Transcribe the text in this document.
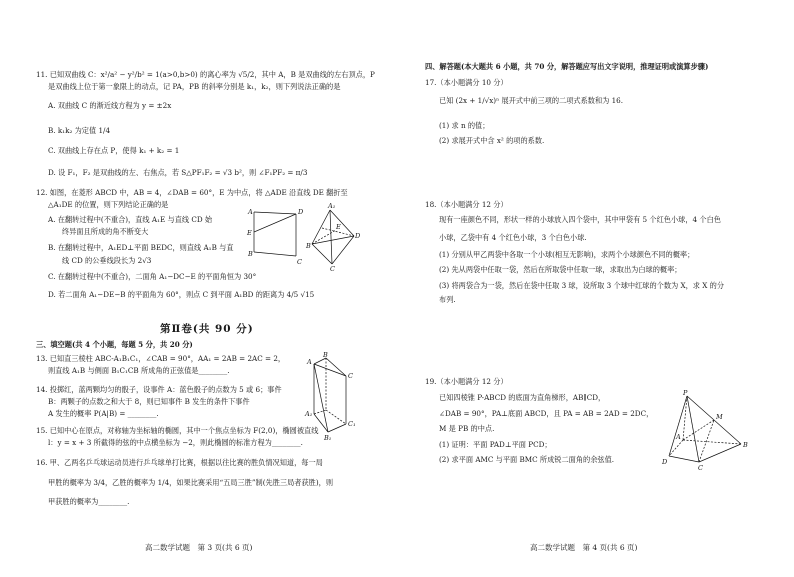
11. 已知双曲线 C：x²/a² − y²/b² = 1(a>0,b>0) 的离心率为 √5/2，其中 A，B 是双曲线的左右顶点，P
是双曲线上位于第一象限上的动点，记 PA，PB 的斜率分别是 k₁，k₂，则下列说法正确的是
A. 双曲线 C 的渐近线方程为 y = ±2x
B. k₁k₂ 为定值 1/4
C. 双曲线上存在点 P，使得 k₁ + k₂ = 1
D. 设 F₁，F₂ 是双曲线的左、右焦点，若 S△PF₁F₂ = √3 b²，则 ∠F₁PF₂ = π/3
12. 如图，在菱形 ABCD 中，AB = 4，∠DAB = 60°，E 为中点，将 △ADE 沿直线 DE 翻折至
△A₁DE 的位置，则下列结论正确的是
A. 在翻转过程中(不重合)，直线 A₁E 与直线 CD 始
终异面且所成的角不断变大
B. 在翻转过程中，A₁ED⊥平面 BEDC，则直线 A₁B 与直
线 CD 的公垂线段长为 2√3
C. 在翻转过程中(不重合)，二面角 A₁−DC−E 的平面角恒为 30°
D. 若二面角 A₁−DE−B 的平面角为 60°，则点 C 到平面 A₁BD 的距离为 4/5 √15
A	D
E
B
C
A₁
B
D
C
E
第Ⅱ卷(共 90 分)
三、填空题(共 4 个小题，每题 5 分，共 20 分)
13. 已知直三棱柱 ABC-A₁B₁C₁，∠CAB = 90°，AA₁ = 2AB = 2AC = 2，
则直线 A₁B 与侧面 B₁C₁CB 所成角的正弦值是________.
A
B
C
A₁
C₁
B₁
14. 投掷红，蓝两颗均匀的骰子，设事件 A：蓝色骰子的点数为 5 或 6；事件
B：两颗子的点数之和大于 8，则已知事件 B 发生的条件下事件
A 发生的概率 P(A|B) = ________.
15. 已知中心在原点，对称轴为坐标轴的椭圆，其中一个焦点坐标为 F(2,0)，椭圆被直线
l：y = x + 3 所截得的弦的中点横坐标为 −2，则此椭圆的标准方程为________.
16. 甲、乙两名乒乓球运动员进行乒乓球单打比赛，根据以往比赛的胜负情况知道，每一局
甲胜的概率为 3/4，乙胜的概率为 1/4，如果比赛采用“五局三胜”制(先胜三局者获胜)，则
甲获胜的概率为________.
高二数学试题　第 3 页(共 6 页)
四、解答题(本大题共 6 小题，共 70 分，解答题应写出文字说明，推理证明或演算步骤)
17.（本小题满分 10 分）
已知 (2x + 1/√x)ⁿ 展开式中前三项的二项式系数和为 16.
(1) 求 n 的值；
(2) 求展开式中含 x² 的项的系数.
18.（本小题满分 12 分）
现有一座颜色不同，形状一样的小球放入四个袋中，其中甲袋有 5 个红色小球，4 个白色
小球，乙袋中有 4 个红色小球，3 个白色小球.
(1) 分别从甲乙两袋中各取一个小球(相互无影响)，求两个小球颜色不同的概率；
(2) 先从两袋中任取一袋，然后在所取袋中任取一球，求取出为白球的概率；
(3) 将两袋合为一袋，然后在袋中任取 3 球，设所取 3 个球中红球的个数为 X，求 X 的分
布列.
19.（本小题满分 12 分）
已知四棱锥 P-ABCD 的底面为直角梯形，AB∥CD，
∠DAB = 90°，PA⊥底面 ABCD，且 PA = AB = 2AD = 2DC，
M 是 PB 的中点.
(1) 证明：平面 PAD⊥平面 PCD；
(2) 求平面 AMC 与平面 BMC 所成锐二面角的余弦值.
P
M
A
B
D
C
高二数学试题　第 4 页(共 6 页)
